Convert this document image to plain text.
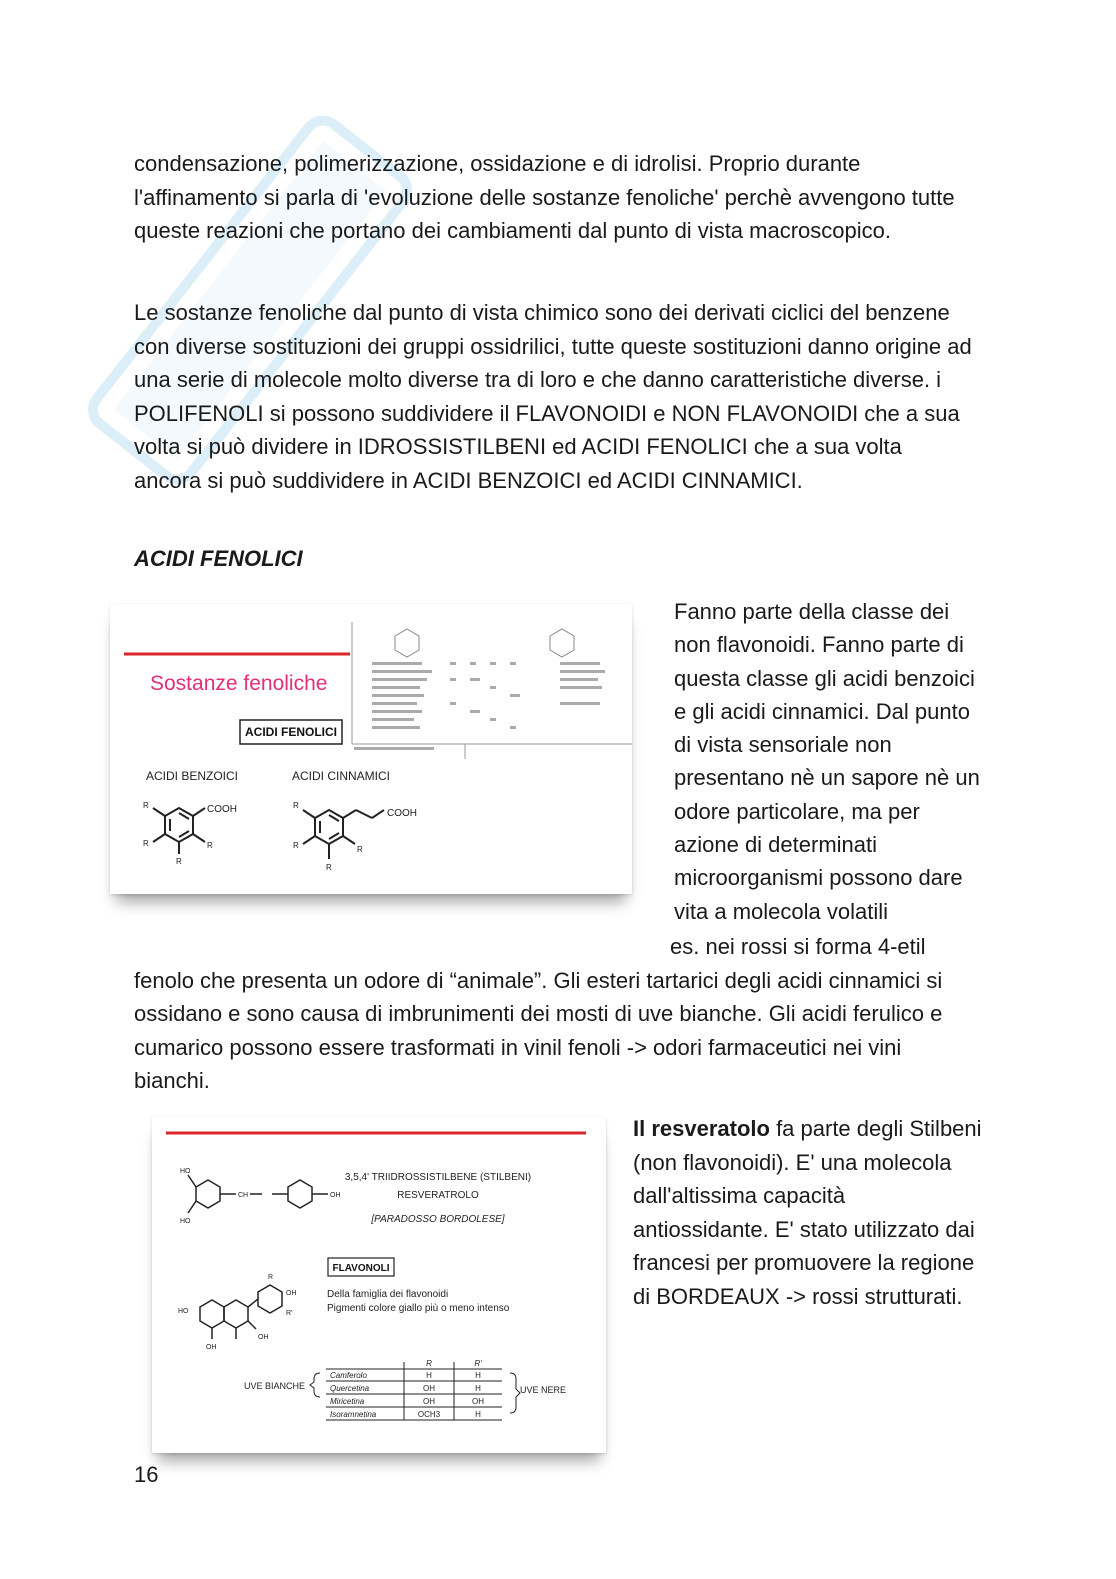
condensazione, polimerizzazione, ossidazione e di idrolisi. Proprio durante l'affinamento si parla di 'evoluzione delle sostanze fenoliche' perchè avvengono tutte queste reazioni che portano dei cambiamenti dal punto di vista macroscopico.

Le sostanze fenoliche dal punto di vista chimico sono dei derivati ciclici del benzene con diverse sostituzioni dei gruppi ossidrilici, tutte queste sostituzioni danno origine ad una serie di molecole molto diverse tra di loro e che danno caratteristiche diverse. i POLIFENOLI si possono suddividere il FLAVONOIDI e NON FLAVONOIDI che a sua volta si può dividere in IDROSSISTILBENI ed ACIDI FENOLICI che a sua volta ancora si può suddividere in ACIDI BENZOICI ed ACIDI CINNAMICI.

ACIDI FENOLICI

Sostanze fenoliche
ACIDI FENOLICI
ACIDI BENZOICI	ACIDI CINNAMICI
COOH
R
R	R
R
COOH
R
R	R
R

Fanno parte della classe dei non flavonoidi. Fanno parte di questa classe gli acidi benzoici e gli acidi cinnamici. Dal punto di vista sensoriale non presentano nè un sapore nè un odore particolare, ma per azione di determinati microorganismi possono dare vita a molecola volatili

es. nei rossi si forma 4-etil fenolo che presenta un odore di “animale”. Gli esteri tartarici degli acidi cinnamici si ossidano e sono causa di imbrunimenti dei mosti di uve bianche. Gli acidi ferulico e cumarico possono essere trasformati in vinil fenoli -> odori farmaceutici nei vini bianchi.

HO
HO
CH	OH
3,5,4' TRIIDROSSISTILBENE (STILBENI)
RESVERATROLO
[PARADOSSO BORDOLESE]
FLAVONOLI
Della famiglia dei flavonoidi
Pigmenti colore giallo più o meno intenso
HO
OH
OH
OH
R
R'
UVE BIANCHE	UVE NERE
R	R'
Camferolo	H	H
Quercetina	OH	H
Miricetina	OH	OH
Isoramnetina	OCH3	H

Il resveratolo fa parte degli Stilbeni (non flavonoidi). E' una molecola dall'altissima capacità antiossidante. E' stato utilizzato dai francesi per promuovere la regione di BORDEAUX -> rossi strutturati.

16
